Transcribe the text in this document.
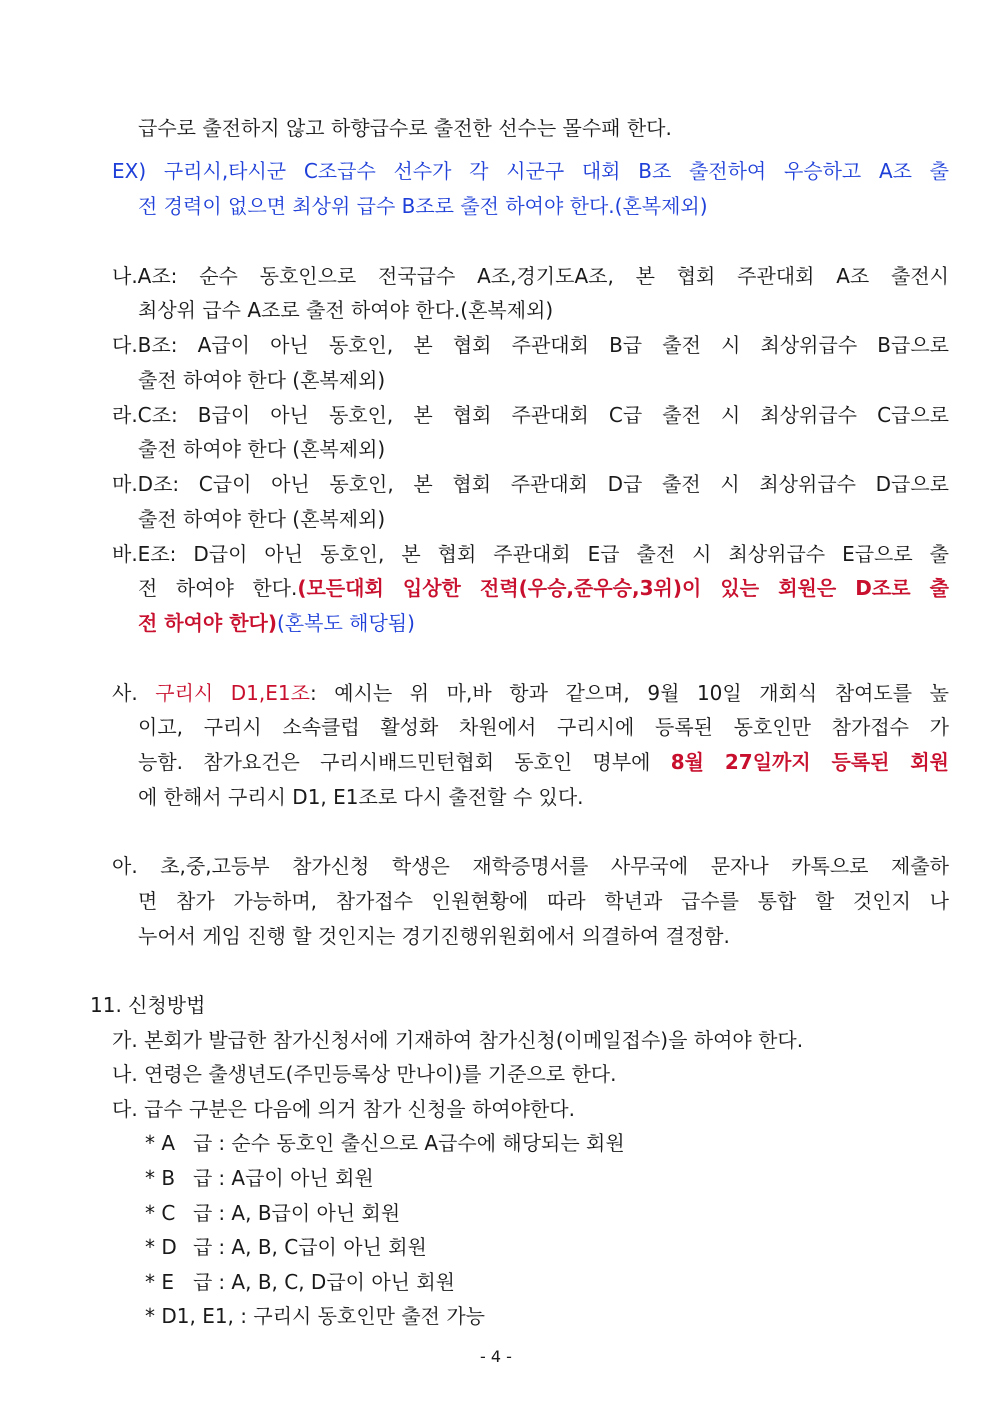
급수로 출전하지 않고 하향급수로 출전한 선수는 몰수패 한다.
EX) 구리시,타시군 C조급수 선수가 각 시군구 대회 B조 출전하여 우승하고 A조 출
전 경력이 없으면 최상위 급수 B조로 출전 하여야 한다.(혼복제외)
나.A조: 순수 동호인으로 전국급수 A조,경기도A조, 본 협회 주관대회 A조 출전시
최상위 급수 A조로 출전 하여야 한다.(혼복제외)
다.B조: A급이 아닌 동호인, 본 협회 주관대회 B급 출전 시 최상위급수 B급으로
출전 하여야 한다 (혼복제외)
라.C조: B급이 아닌 동호인, 본 협회 주관대회 C급 출전 시 최상위급수 C급으로
출전 하여야 한다 (혼복제외)
마.D조: C급이 아닌 동호인, 본 협회 주관대회 D급 출전 시 최상위급수 D급으로
출전 하여야 한다 (혼복제외)
바.E조: D급이 아닌 동호인, 본 협회 주관대회 E급 출전 시 최상위급수 E급으로 출
전 하여야 한다.(모든대회 입상한 전력(우승,준우승,3위)이 있는 회원은 D조로 출
전 하여야 한다)(혼복도 해당됨)
사. 구리시 D1,E1조: 예시는 위 마,바 항과 같으며, 9월 10일 개회식 참여도를 높
이고, 구리시 소속클럽 활성화 차원에서 구리시에 등록된 동호인만 참가접수 가
능함. 참가요건은 구리시배드민턴협회 동호인 명부에 8월 27일까지 등록된 회원
에 한해서 구리시 D1, E1조로 다시 출전할 수 있다.
아. 초,중,고등부 참가신청 학생은 재학증명서를 사무국에 문자나 카톡으로 제출하
면 참가 가능하며, 참가접수 인원현황에 따라 학년과 급수를 통합 할 것인지 나
누어서 게임 진행 할 것인지는 경기진행위원회에서 의결하여 결정함.
11. 신청방법
가. 본회가 발급한 참가신청서에 기재하여 참가신청(이메일접수)을 하여야 한다.
나. 연령은 출생년도(주민등록상 만나이)를 기준으로 한다.
다. 급수 구분은 다음에 의거 참가 신청을 하여야한다.
* A 급 : 순수 동호인 출신으로 A급수에 해당되는 회원
* B 급 : A급이 아닌 회원
* C 급 : A, B급이 아닌 회원
* D 급 : A, B, C급이 아닌 회원
* E 급 : A, B, C, D급이 아닌 회원
* D1, E1, : 구리시 동호인만 출전 가능
- 4 -
